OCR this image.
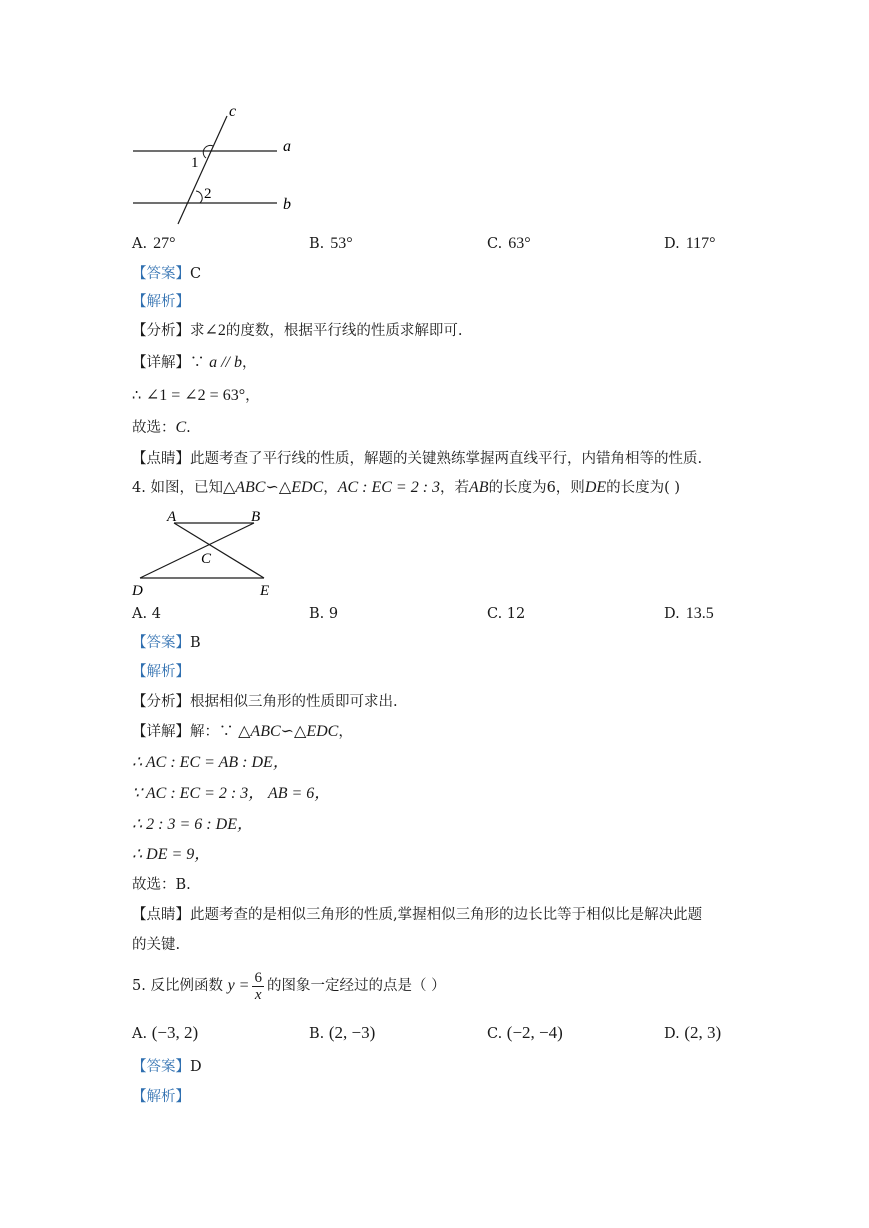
c
a
b
1
2
A. 27°	B. 53°	C. 63°	D. 117°
【答案】C
【解析】
【分析】求∠2的度数，根据平行线的性质求解即可.
【详解】∵ a // b，
∴ ∠1 = ∠2 = 63°，
故选：C.
【点睛】此题考查了平行线的性质，解题的关键熟练掌握两直线平行，内错角相等的性质.
4. 如图，已知△ABC∽△EDC，AC : EC = 2 : 3，若AB的长度为6，则DE的长度为( )
A	B
C
D	E
A. 4	B. 9	C. 12	D. 13.5
【答案】B
【解析】
【分析】根据相似三角形的性质即可求出.
【详解】解：∵ △ABC∽△EDC，
∴ AC : EC = AB : DE，
∵ AC : EC = 2 : 3， AB = 6，
∴ 2 : 3 = 6 : DE，
∴ DE = 9，
故选：B.
【点睛】此题考查的是相似三角形的性质,掌握相似三角形的边长比等于相似比是解决此题
的关键.
5. 反比例函数 $y = \frac{6}{x}$ 的图象一定经过的点是（ ）
A. (−3, 2)	B. (2, −3)	C. (−2, −4)	D. (2, 3)
【答案】D
【解析】
